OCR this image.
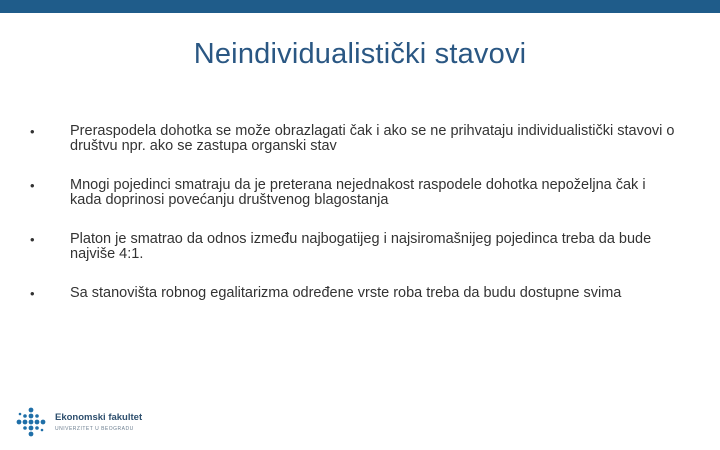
Neindividualistički stavovi
• Preraspodela dohotka se može obrazlagati čak i ako se ne prihvataju individualistički stavovi o društvu npr. ako se zastupa organski stav
• Mnogi pojedinci smatraju da je preterana nejednakost raspodele dohotka nepoželjna čak i kada doprinosi povećanju društvenog blagostanja
• Platon je smatrao da odnos između najbogatijeg i najsiromašnijeg pojedinca treba da bude najviše 4:1.
• Sa stanovišta robnog egalitarizma određene vrste roba treba da budu dostupne svima
Ekonomski fakultet
UNIVERZITET U BEOGRADU
